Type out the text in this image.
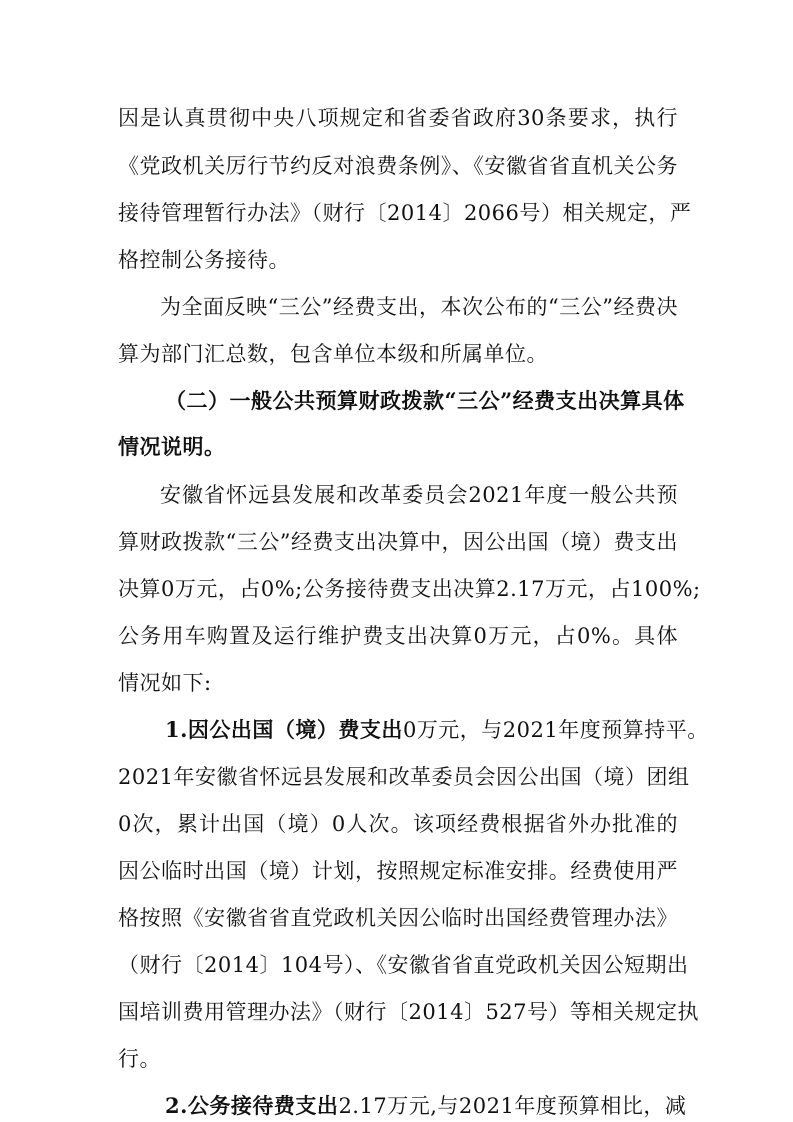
因是认真贯彻中央八项规定和省委省政府30条要求，执行
《党政机关厉行节约反对浪费条例》、《安徽省省直机关公务
接待管理暂行办法》（财行〔2014〕2066号）相关规定，严
格控制公务接待。
为全面反映“三公”经费支出，本次公布的“三公”经费决
算为部门汇总数，包含单位本级和所属单位。
（二）一般公共预算财政拨款“三公”经费支出决算具体
情况说明。
安徽省怀远县发展和改革委员会2021年度一般公共预
算财政拨款“三公”经费支出决算中，因公出国（境）费支出
决算0万元，占0%;公务接待费支出决算2.17万元，占100%;
公务用车购置及运行维护费支出决算0万元，占0%。具体
情况如下:
1.因公出国（境）费支出0万元，与2021年度预算持平。
2021年安徽省怀远县发展和改革委员会因公出国（境）团组
0次，累计出国（境）0人次。该项经费根据省外办批准的
因公临时出国（境）计划，按照规定标准安排。经费使用严
格按照《安徽省省直党政机关因公临时出国经费管理办法》
（财行〔2014〕104号）、《安徽省省直党政机关因公短期出
国培训费用管理办法》（财行〔2014〕527号）等相关规定执
行。
2.公务接待费支出2.17万元,与2021年度预算相比，减
